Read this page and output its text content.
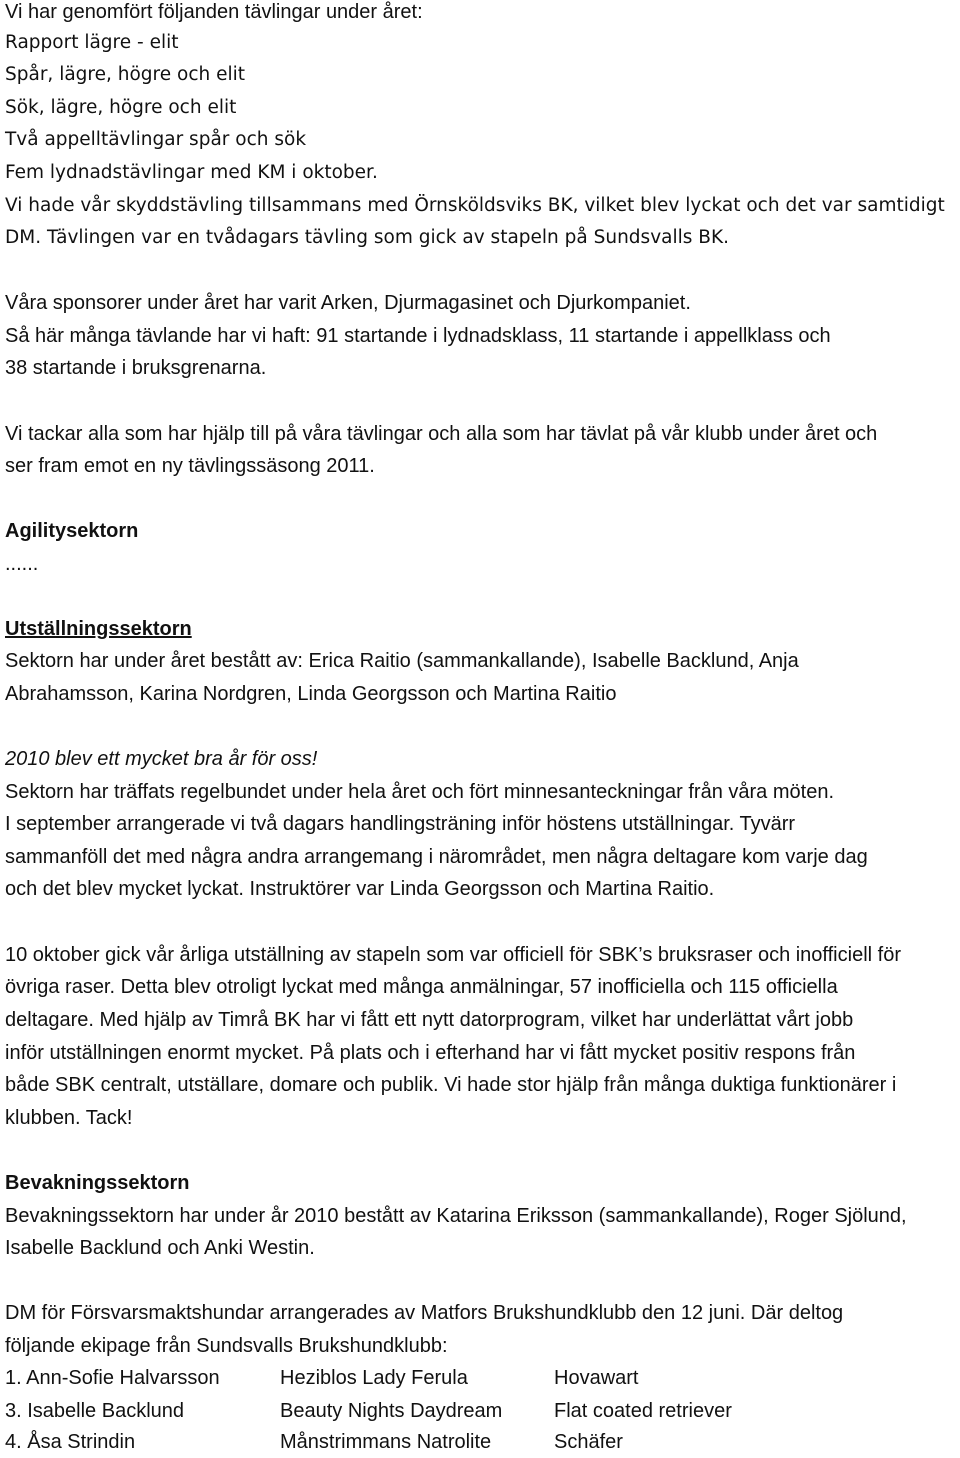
Vi har genomfört följanden tävlingar under året:
Rapport lägre - elit
Spår, lägre, högre och elit
Sök, lägre, högre och elit
Två appelltävlingar spår och sök
Fem lydnadstävlingar med KM i oktober.
Vi hade vår skyddstävling tillsammans med Örnsköldsviks BK, vilket blev lyckat och det var samtidigt
DM. Tävlingen var en tvådagars tävling som gick av stapeln på Sundsvalls BK.
Våra sponsorer under året har varit Arken, Djurmagasinet och Djurkompaniet.
Så här många tävlande har vi haft: 91 startande i lydnadsklass, 11 startande i appellklass och
38 startande i bruksgrenarna.
Vi tackar alla som har hjälp till på våra tävlingar och alla som har tävlat på vår klubb under året och
ser fram emot en ny tävlingssäsong 2011.
Agilitysektorn
......
Utställningssektorn
Sektorn har under året bestått av: Erica Raitio (sammankallande), Isabelle Backlund, Anja
Abrahamsson, Karina Nordgren, Linda Georgsson och Martina Raitio
2010 blev ett mycket bra år för oss!
Sektorn har träffats regelbundet under hela året och fört minnesanteckningar från våra möten.
I september arrangerade vi två dagars handlingsträning inför höstens utställningar. Tyvärr
sammanföll det med några andra arrangemang i närområdet, men några deltagare kom varje dag
och det blev mycket lyckat. Instruktörer var Linda Georgsson och Martina Raitio.
10 oktober gick vår årliga utställning av stapeln som var officiell för SBK’s bruksraser och inofficiell för
övriga raser. Detta blev otroligt lyckat med många anmälningar, 57 inofficiella och 115 officiella
deltagare. Med hjälp av Timrå BK har vi fått ett nytt datorprogram, vilket har underlättat vårt jobb
inför utställningen enormt mycket. På plats och i efterhand har vi fått mycket positiv respons från
både SBK centralt, utställare, domare och publik. Vi hade stor hjälp från många duktiga funktionärer i
klubben. Tack!
Bevakningssektorn
Bevakningssektorn har under år 2010 bestått av Katarina Eriksson (sammankallande), Roger Sjölund,
Isabelle Backlund och Anki Westin.
DM för Försvarsmaktshundar arrangerades av Matfors Brukshundklubb den 12 juni. Där deltog
följande ekipage från Sundsvalls Brukshundklubb:
1. Ann-Sofie Halvarsson	Heziblos Lady Ferula	Hovawart
3. Isabelle Backlund	Beauty Nights Daydream	Flat coated retriever
4. Åsa Strindin	Månstrimmans Natrolite	Schäfer
